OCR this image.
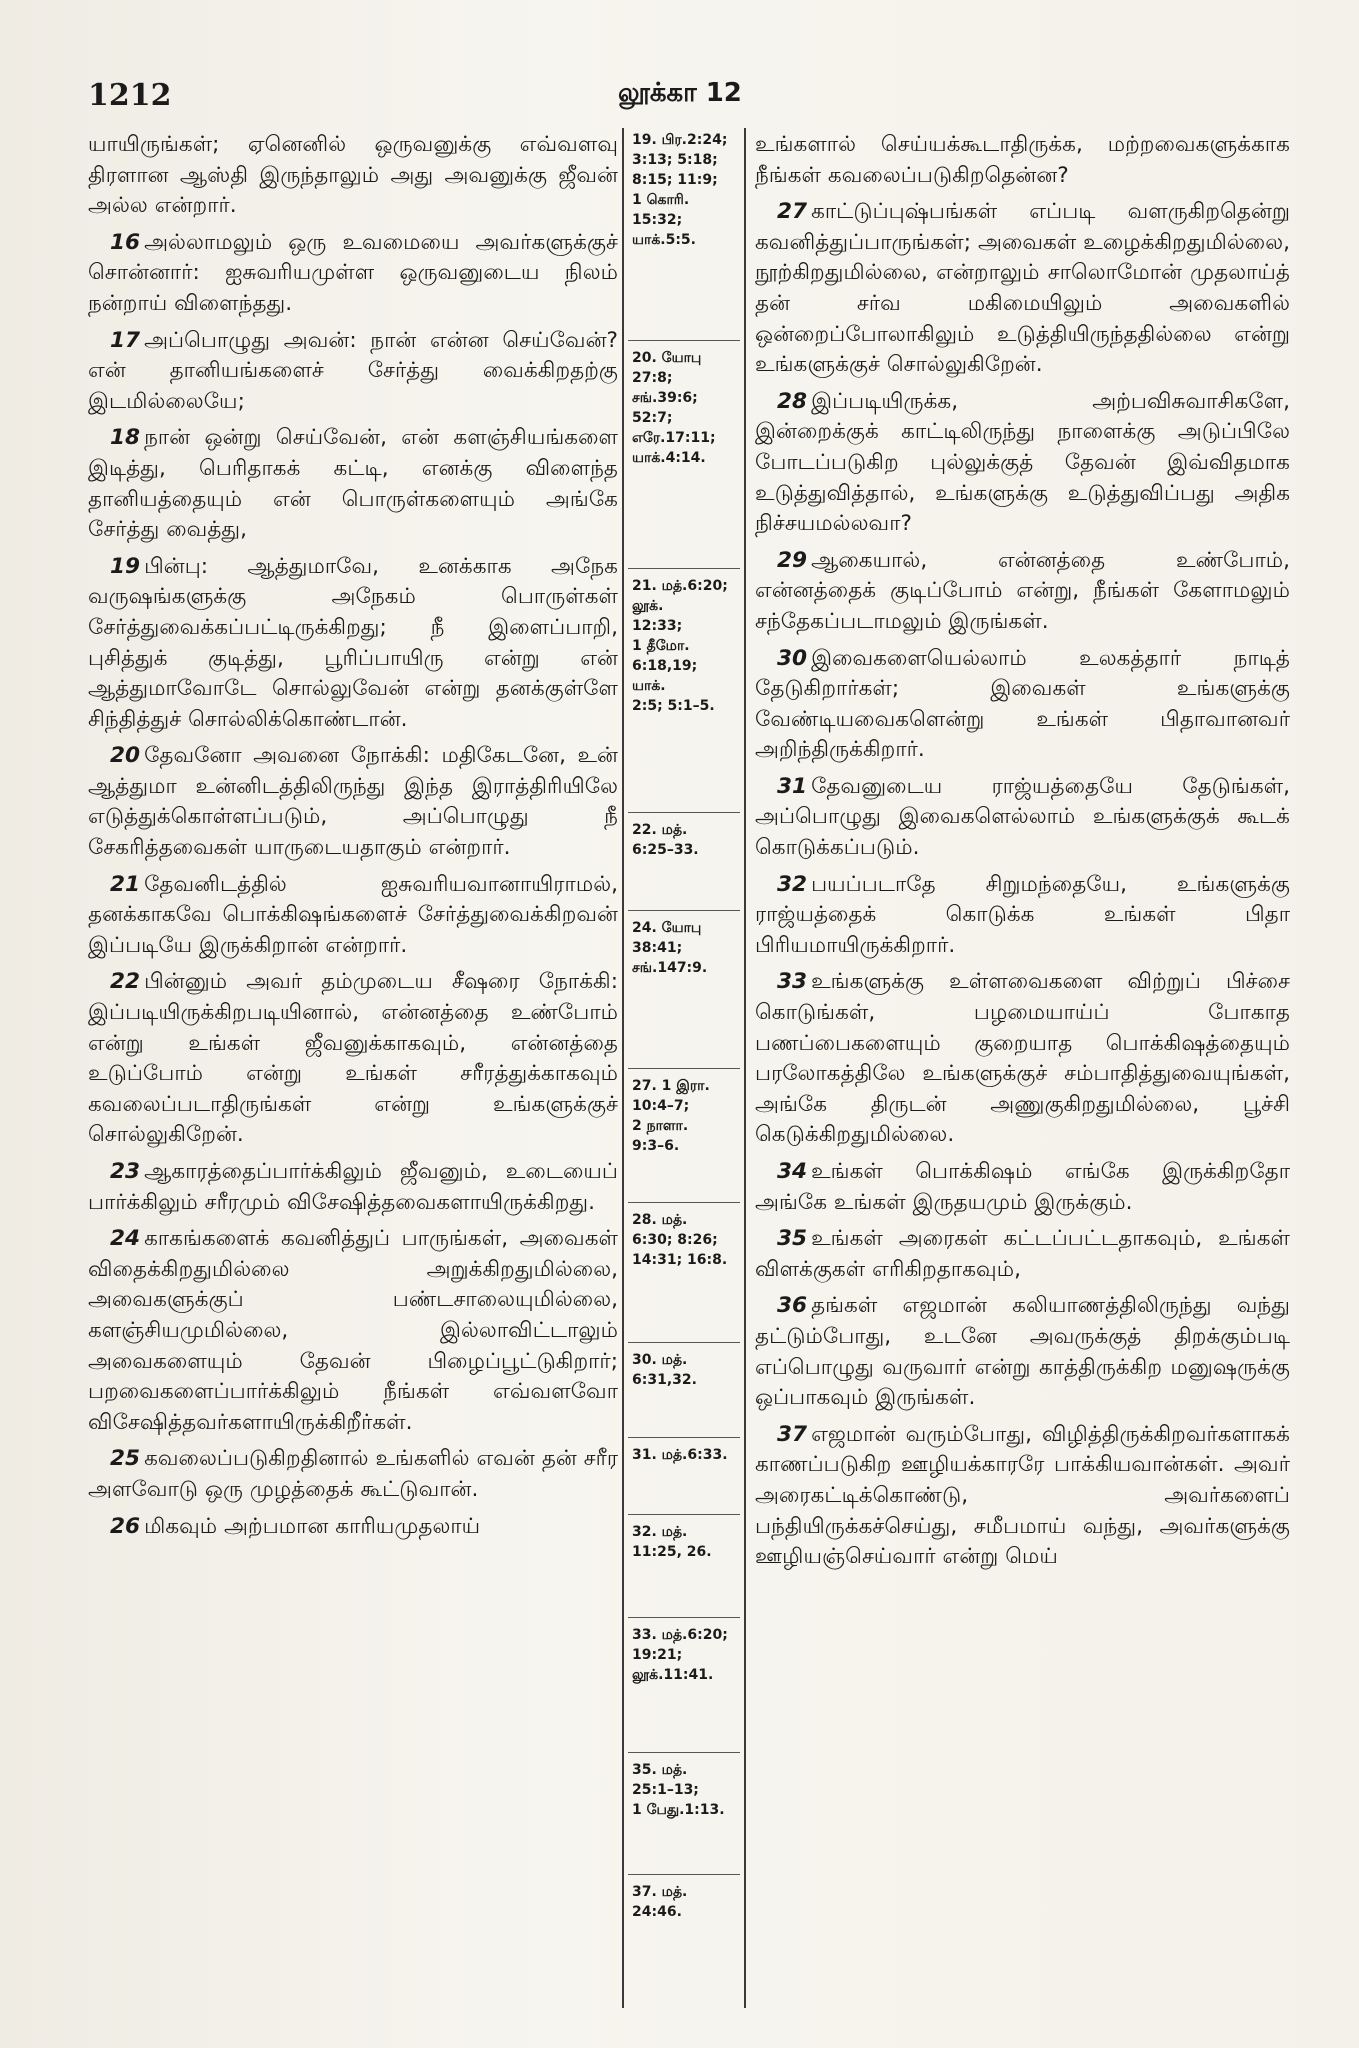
1212	லூக்கா 12

யாயிருங்கள்; ஏனெனில் ஒருவனுக்கு எவ்வளவு திரளான ஆஸ்தி இருந்தாலும் அது அவனுக்கு ஜீவன் அல்ல என்றார்.

16 அல்லாமலும் ஒரு உவமையை அவர்களுக்குச் சொன்னார்: ஐசுவரியமுள்ள ஒருவனுடைய நிலம் நன்றாய் விளைந்தது.

17 அப்பொழுது அவன்: நான் என்ன செய்வேன்? என் தானியங்களைச் சேர்த்து வைக்கிறதற்கு இடமில்லையே;

18 நான் ஒன்று செய்வேன், என் களஞ்சியங்களை இடித்து, பெரிதாகக் கட்டி, எனக்கு விளைந்த தானியத்தையும் என் பொருள்களையும் அங்கே சேர்த்து வைத்து,

19 பின்பு: ஆத்துமாவே, உனக்காக அநேக வருஷங்களுக்கு அநேகம் பொருள்கள் சேர்த்துவைக்கப்பட்டிருக்கிறது; நீ இளைப்பாறி, புசித்துக் குடித்து, பூரிப்பாயிரு என்று என் ஆத்துமாவோடே சொல்லுவேன் என்று தனக்குள்ளே சிந்தித்துச் சொல்லிக்கொண்டான்.

20 தேவனோ அவனை நோக்கி: மதிகேடனே, உன் ஆத்துமா உன்னிடத்திலிருந்து இந்த இராத்திரியிலே எடுத்துக்கொள்ளப்படும், அப்பொழுது நீ சேகரித்தவைகள் யாருடையதாகும் என்றார்.

21 தேவனிடத்தில் ஐசுவரியவானாயிராமல், தனக்காகவே பொக்கிஷங்களைச் சேர்த்துவைக்கிறவன் இப்படியே இருக்கிறான் என்றார்.

22 பின்னும் அவர் தம்முடைய சீஷரை நோக்கி: இப்படியிருக்கிறபடியினால், என்னத்தை உண்போம் என்று உங்கள் ஜீவனுக்காகவும், என்னத்தை உடுப்போம் என்று உங்கள் சரீரத்துக்காகவும் கவலைப்படாதிருங்கள் என்று உங்களுக்குச் சொல்லுகிறேன்.

23 ஆகாரத்தைப்பார்க்கிலும் ஜீவனும், உடையைப் பார்க்கிலும் சரீரமும் விசேஷித்தவைகளாயிருக்கிறது.

24 காகங்களைக் கவனித்துப் பாருங்கள், அவைகள் விதைக்கிறதுமில்லை அறுக்கிறதுமில்லை, அவைகளுக்குப் பண்டசாலையுமில்லை, களஞ்சியமுமில்லை, இல்லாவிட்டாலும் அவைகளையும் தேவன் பிழைப்பூட்டுகிறார்; பறவைகளைப்பார்க்கிலும் நீங்கள் எவ்வளவோ விசேஷித்தவர்களாயிருக்கிறீர்கள்.

25 கவலைப்படுகிறதினால் உங்களில் எவன் தன் சரீர அளவோடு ஒரு முழத்தைக் கூட்டுவான்.

26 மிகவும் அற்பமான காரியமுதலாய்

19. பிர.2:24;
3:13; 5:18;
8:15; 11:9;
1 கொரி.
15:32;
யாக்.5:5.
20. யோபு
27:8;
சங்.39:6;
52:7;
எரே.17:11;
யாக்.4:14.
21. மத்.6:20;
லூக்.
12:33;
1 தீமோ.
6:18,19;
யாக்.
2:5; 5:1–5.
22. மத்.
6:25–33.
24. யோபு
38:41;
சங்.147:9.
27. 1 இரா.
10:4–7;
2 நாளா.
9:3–6.
28. மத்.
6:30; 8:26;
14:31; 16:8.
30. மத்.
6:31,32.
31. மத்.6:33.
32. மத்.
11:25, 26.
33. மத்.6:20;
19:21;
லூக்.11:41.
35. மத்.
25:1–13;
1 பேது.1:13.
37. மத்.
24:46.

உங்களால் செய்யக்கூடாதிருக்க, மற்றவைகளுக்காக நீங்கள் கவலைப்படுகிறதென்ன?

27 காட்டுப்புஷ்பங்கள் எப்படி வளருகிறதென்று கவனித்துப்பாருங்கள்; அவைகள் உழைக்கிறதுமில்லை, நூற்கிறதுமில்லை, என்றாலும் சாலொமோன் முதலாய்த் தன் சர்வ மகிமையிலும் அவைகளில் ஒன்றைப்போலாகிலும் உடுத்தியிருந்ததில்லை என்று உங்களுக்குச் சொல்லுகிறேன்.

28 இப்படியிருக்க, அற்பவிசுவாசிகளே, இன்றைக்குக் காட்டிலிருந்து நாளைக்கு அடுப்பிலே போடப்படுகிற புல்லுக்குத் தேவன் இவ்விதமாக உடுத்துவித்தால், உங்களுக்கு உடுத்துவிப்பது அதிக நிச்சயமல்லவா?

29 ஆகையால், என்னத்தை உண்போம், என்னத்தைக் குடிப்போம் என்று, நீங்கள் கேளாமலும் சந்தேகப்படாமலும் இருங்கள்.

30 இவைகளையெல்லாம் உலகத்தார் நாடித் தேடுகிறார்கள்; இவைகள் உங்களுக்கு வேண்டியவைகளென்று உங்கள் பிதாவானவர் அறிந்திருக்கிறார்.

31 தேவனுடைய ராஜ்யத்தையே தேடுங்கள், அப்பொழுது இவைகளெல்லாம் உங்களுக்குக் கூடக் கொடுக்கப்படும்.

32 பயப்படாதே சிறுமந்தையே, உங்களுக்கு ராஜ்யத்தைக் கொடுக்க உங்கள் பிதா பிரியமாயிருக்கிறார்.

33 உங்களுக்கு உள்ளவைகளை விற்றுப் பிச்சை கொடுங்கள், பழமையாய்ப் போகாத பணப்பைகளையும் குறையாத பொக்கிஷத்தையும் பரலோகத்திலே உங்களுக்குச் சம்பாதித்துவையுங்கள், அங்கே திருடன் அணுகுகிறதுமில்லை, பூச்சி கெடுக்கிறதுமில்லை.

34 உங்கள் பொக்கிஷம் எங்கே இருக்கிறதோ அங்கே உங்கள் இருதயமும் இருக்கும்.

35 உங்கள் அரைகள் கட்டப்பட்டதாகவும், உங்கள் விளக்குகள் எரிகிறதாகவும்,

36 தங்கள் எஜமான் கலியாணத்திலிருந்து வந்து தட்டும்போது, உடனே அவருக்குத் திறக்கும்படி எப்பொழுது வருவார் என்று காத்திருக்கிற மனுஷருக்கு ஒப்பாகவும் இருங்கள்.

37 எஜமான் வரும்போது, விழித்திருக்கிறவர்களாகக் காணப்படுகிற ஊழியக்காரரே பாக்கியவான்கள். அவர் அரைகட்டிக்கொண்டு, அவர்களைப் பந்தியிருக்கச்செய்து, சமீபமாய் வந்து, அவர்களுக்கு ஊழியஞ்செய்வார் என்று மெய்
